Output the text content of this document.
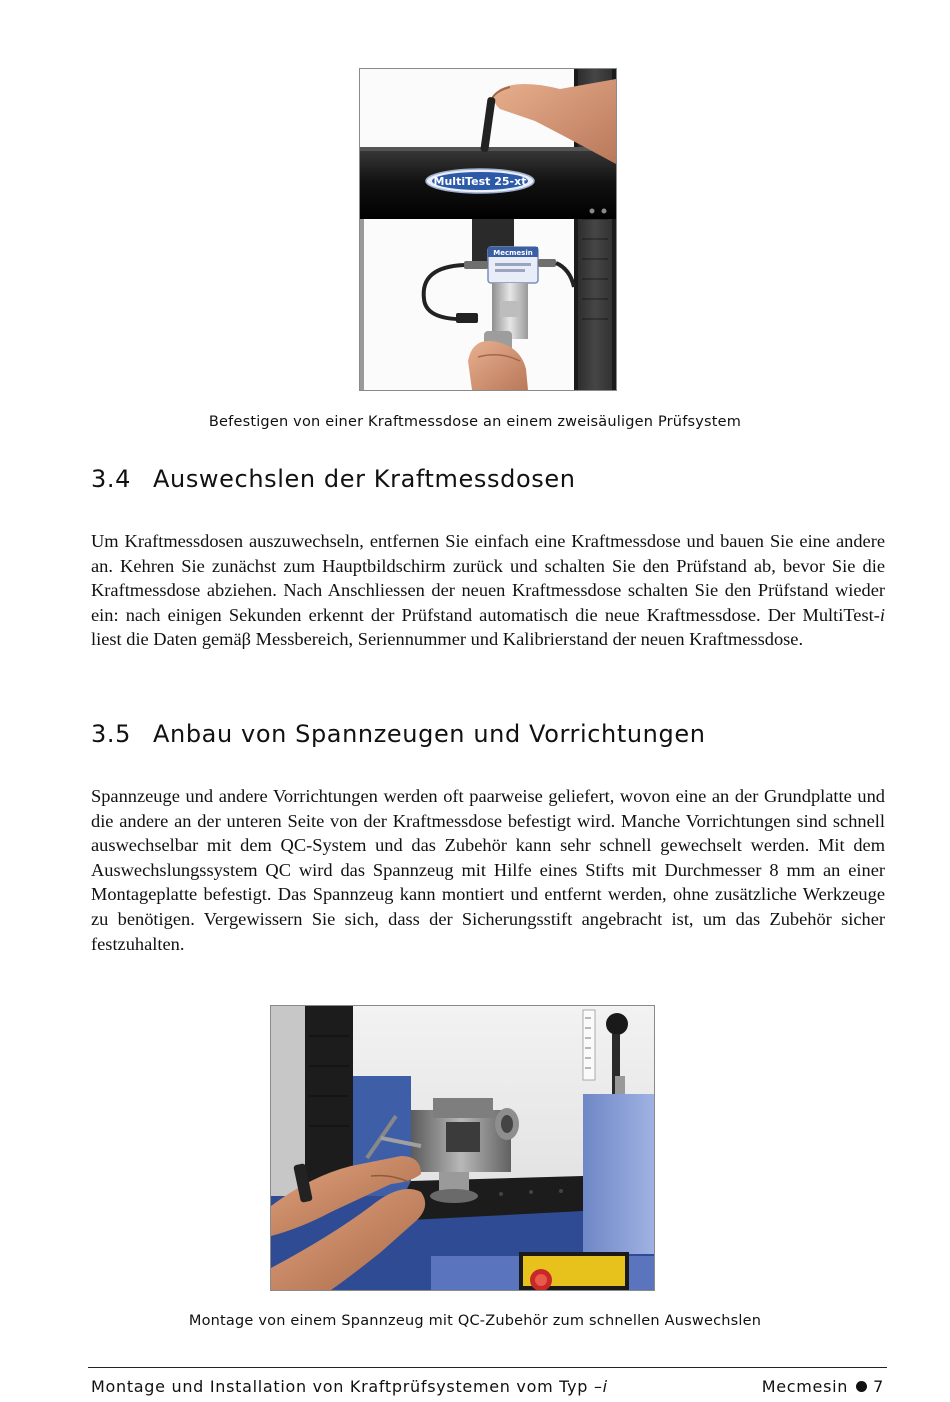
MultiTest 25-xt
Mecmesin
Befestigen von einer Kraftmessdose an einem zweisäuligen Prüfsystem
3.4 Auswechslen der Kraftmessdosen

Um Kraftmessdosen auszuwechseln, entfernen Sie einfach eine Kraftmessdose und bauen Sie eine andere an. Kehren Sie zunächst zum Hauptbildschirm zurück und schalten Sie den Prüfstand ab, bevor Sie die Kraftmessdose abziehen. Nach Anschliessen der neuen Kraftmessdose schalten Sie den Prüfstand wieder ein: nach einigen Sekunden erkennt der Prüfstand automatisch die neue Kraftmessdose. Der MultiTest-i liest die Daten gemäβ Messbereich, Seriennummer und Kalibrierstand der neuen Kraftmessdose.

3.5 Anbau von Spannzeugen und Vorrichtungen

Spannzeuge und andere Vorrichtungen werden oft paarweise geliefert, wovon eine an der Grundplatte und die andere an der unteren Seite von der Kraftmessdose befestigt wird. Manche Vorrichtungen sind schnell auswechselbar mit dem QC-System und das Zubehör kann sehr schnell gewechselt werden. Mit dem Auswechslungssystem QC wird das Spannzeug mit Hilfe eines Stifts mit Durchmesser 8 mm an einer Montageplatte befestigt. Das Spannzeug kann montiert und entfernt werden, ohne zusätzliche Werkzeuge zu benötigen. Vergewissern Sie sich, dass der Sicherungsstift angebracht ist, um das Zubehör sicher festzuhalten.

Montage von einem Spannzeug mit QC-Zubehör zum schnellen Auswechslen
Montage und Installation von Kraftprüfsystemen vom Typ –i	Mecmesin 7
